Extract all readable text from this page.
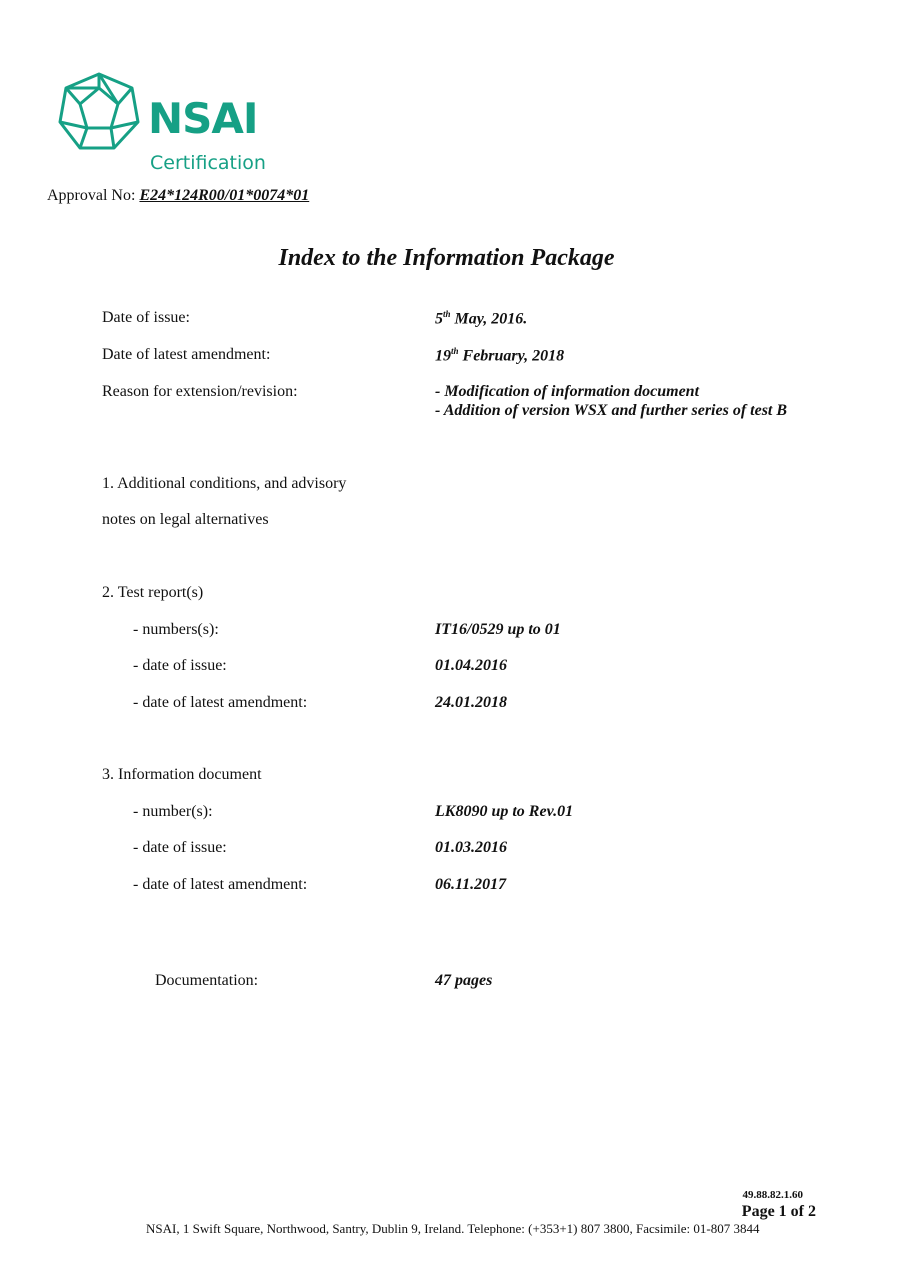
NSAI
Certification
Approval No: E24*124R00/01*0074*01
Index to the Information Package
Date of issue:	5th May, 2016.
Date of latest amendment:	19th February, 2018
Reason for extension/revision:	- Modification of information document
- Addition of version WSX and further series of test B
1. Additional conditions, and advisory
notes on legal alternatives
2. Test report(s)
- numbers(s):	IT16/0529 up to 01
- date of issue:	01.04.2016
- date of latest amendment:	24.01.2018
3. Information document
- number(s):	LK8090 up to Rev.01
- date of issue:	01.03.2016
- date of latest amendment:	06.11.2017
Documentation:	47 pages
49.88.82.1.60
Page 1 of 2
NSAI, 1 Swift Square, Northwood, Santry, Dublin 9, Ireland. Telephone: (+353+1) 807 3800, Facsimile: 01-807 3844
